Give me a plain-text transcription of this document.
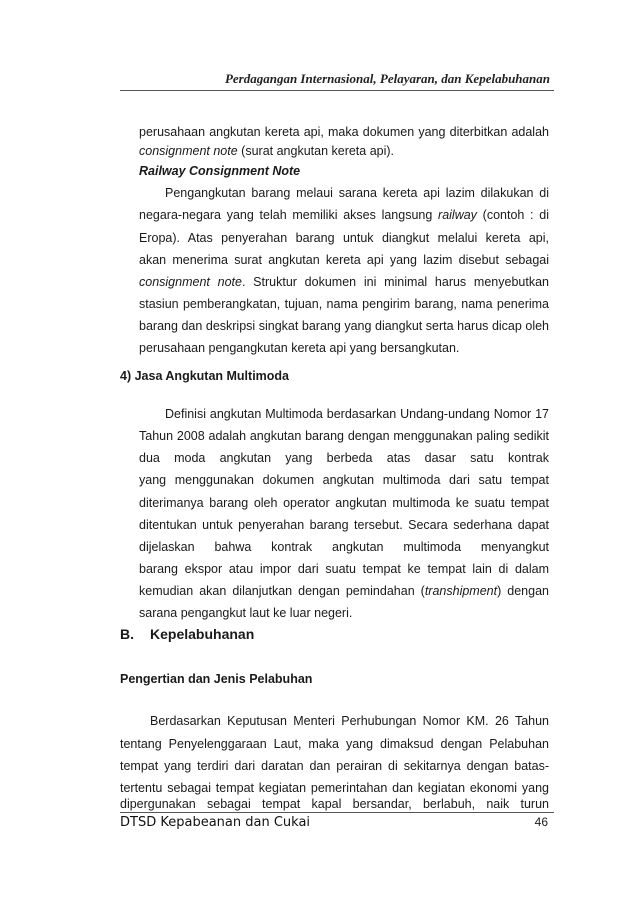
Perdagangan Internasional, Pelayaran, dan Kepelabuhanan
perusahaan angkutan kereta api, maka dokumen yang diterbitkan adalah
consignment note (surat angkutan kereta api).
Railway Consignment Note
Pengangkutan barang melaui sarana kereta api lazim dilakukan di
negara-negara yang telah memiliki akses langsung railway (contoh : di
Eropa). Atas penyerahan barang untuk diangkut melalui kereta api,
akan menerima surat angkutan kereta api yang lazim disebut sebagai
consignment note. Struktur dokumen ini minimal harus menyebutkan
stasiun pemberangkatan, tujuan, nama pengirim barang, nama penerima
barang dan deskripsi singkat barang yang diangkut serta harus dicap oleh
perusahaan pengangkutan kereta api yang bersangkutan.
4) Jasa Angkutan Multimoda
Definisi angkutan Multimoda berdasarkan Undang-undang Nomor 17
Tahun 2008 adalah angkutan barang dengan menggunakan paling sedikit
dua moda angkutan yang berbeda atas dasar satu kontrak
yang menggunakan dokumen angkutan multimoda dari satu tempat
diterimanya barang oleh operator angkutan multimoda ke suatu tempat
ditentukan untuk penyerahan barang tersebut. Secara sederhana dapat
dijelaskan bahwa kontrak angkutan multimoda menyangkut
barang ekspor atau impor dari suatu tempat ke tempat lain di dalam
kemudian akan dilanjutkan dengan pemindahan (transhipment) dengan
sarana pengangkut laut ke luar negeri.
B. Kepelabuhanan
Pengertian dan Jenis Pelabuhan
Berdasarkan Keputusan Menteri Perhubungan Nomor KM. 26 Tahun
tentang Penyelenggaraan Laut, maka yang dimaksud dengan Pelabuhan
tempat yang terdiri dari daratan dan perairan di sekitarnya dengan batas-
tertentu sebagai tempat kegiatan pemerintahan dan kegiatan ekonomi yang
dipergunakan sebagai tempat kapal bersandar, berlabuh, naik turun
DTSD Kepabeanan dan Cukai	46
